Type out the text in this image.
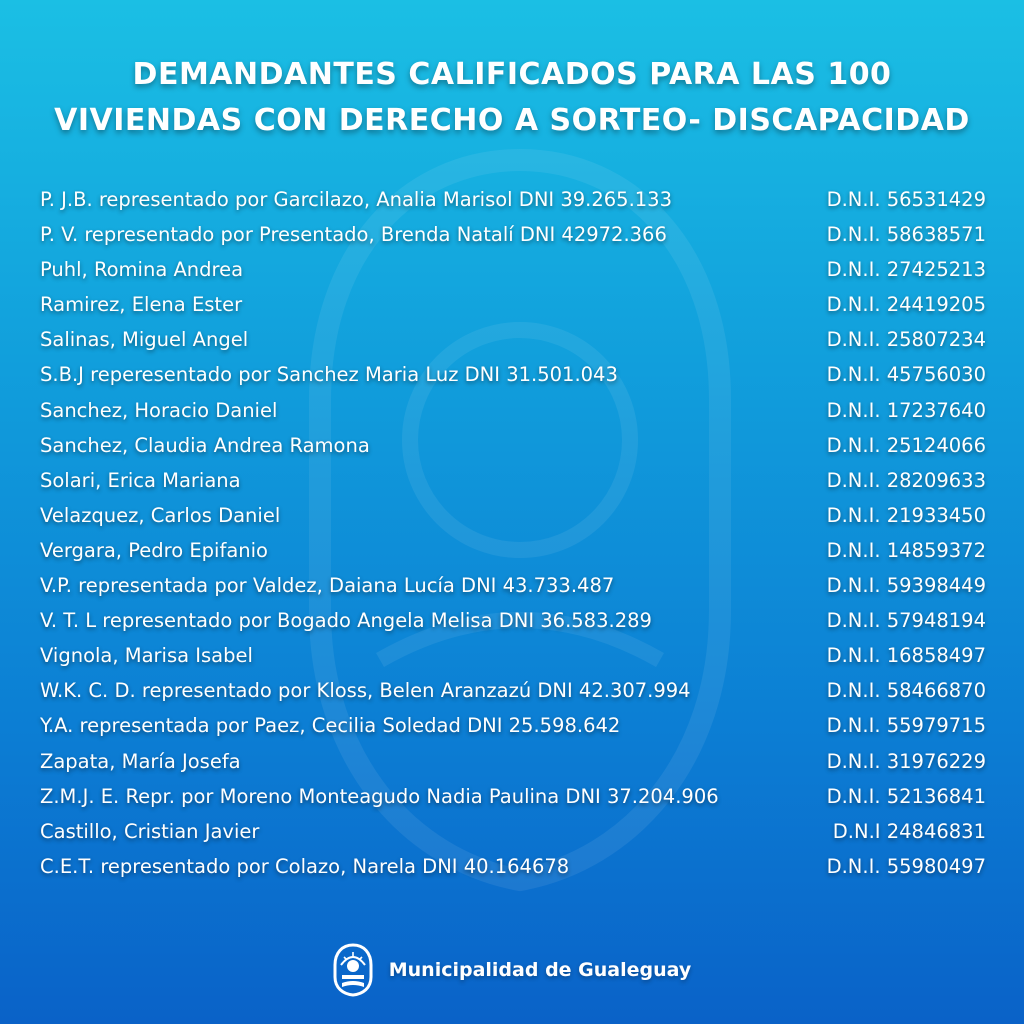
DEMANDANTES CALIFICADOS PARA LAS 100
VIVIENDAS CON DERECHO A SORTEO- DISCAPACIDAD
P. J.B. representado por Garcilazo, Analia Marisol DNI 39.265.133	D.N.I. 56531429
P. V. representado por Presentado, Brenda Natalí DNI 42972.366	D.N.I. 58638571
Puhl, Romina Andrea	D.N.I. 27425213
Ramirez, Elena Ester	D.N.I. 24419205
Salinas, Miguel Angel	D.N.I. 25807234
S.B.J reperesentado por Sanchez Maria Luz DNI 31.501.043	D.N.I. 45756030
Sanchez, Horacio Daniel	D.N.I. 17237640
Sanchez, Claudia Andrea Ramona	D.N.I. 25124066
Solari, Erica Mariana	D.N.I. 28209633
Velazquez, Carlos Daniel	D.N.I. 21933450
Vergara, Pedro Epifanio	D.N.I. 14859372
V.P. representada por Valdez, Daiana Lucía DNI 43.733.487	D.N.I. 59398449
V. T. L representado por Bogado Angela Melisa DNI 36.583.289	D.N.I. 57948194
Vignola, Marisa Isabel	D.N.I. 16858497
W.K. C. D. representado por Kloss, Belen Aranzazú DNI 42.307.994	D.N.I. 58466870
Y.A. representada por Paez, Cecilia Soledad DNI 25.598.642	D.N.I. 55979715
Zapata, María Josefa	D.N.I. 31976229
Z.M.J. E. Repr. por Moreno Monteagudo Nadia Paulina DNI 37.204.906	D.N.I. 52136841
Castillo, Cristian Javier	D.N.I 24846831
C.E.T. representado por Colazo, Narela DNI 40.164678	D.N.I. 55980497
Municipalidad de Gualeguay
